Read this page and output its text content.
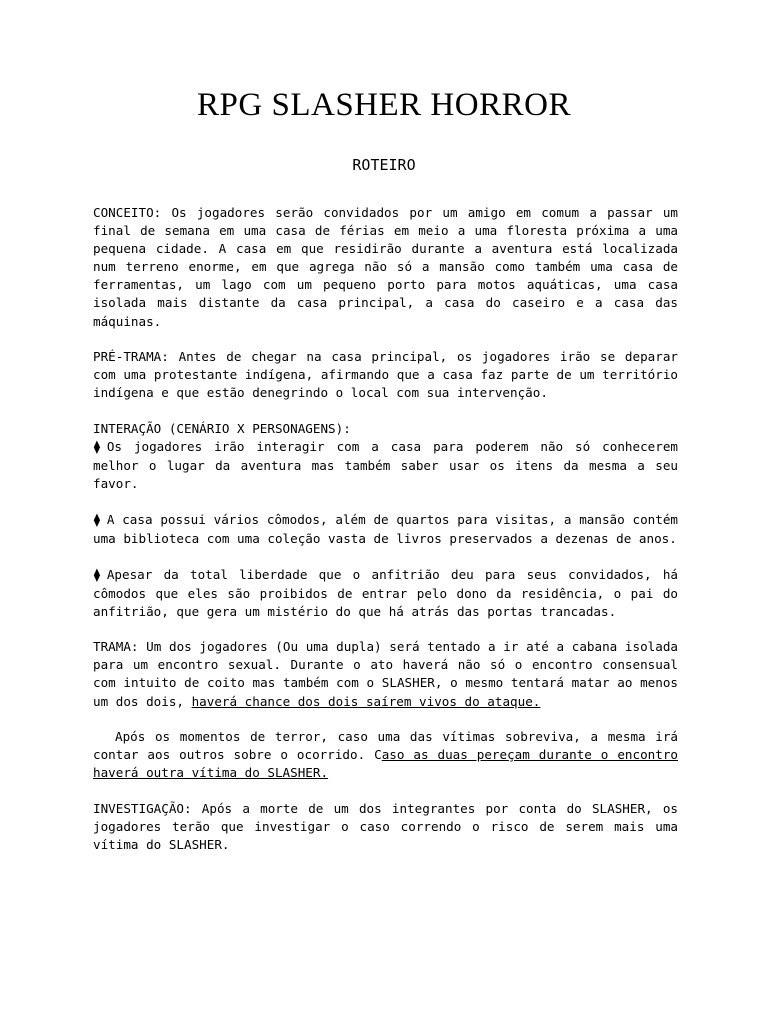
RPG SLASHER HORROR
ROTEIRO

CONCEITO: Os jogadores serão convidados por um amigo em comum a passar um final de semana em uma casa de férias em meio a uma floresta próxima a uma pequena cidade. A casa em que residirão durante a aventura está localizada num terreno enorme, em que agrega não só a mansão como também uma casa de ferramentas, um lago com um pequeno porto para motos aquáticas, uma casa isolada mais distante da casa principal, a casa do caseiro e a casa das máquinas.

PRÉ-TRAMA: Antes de chegar na casa principal, os jogadores irão se deparar com uma protestante indígena, afirmando que a casa faz parte de um território indígena e que estão denegrindo o local com sua intervenção.

INTERAÇÃO (CENÁRIO X PERSONAGENS):

⧫ Os jogadores irão interagir com a casa para poderem não só conhecerem melhor o lugar da aventura mas também saber usar os itens da mesma a seu favor.

⧫ A casa possui vários cômodos, além de quartos para visitas, a mansão contém uma biblioteca com uma coleção vasta de livros preservados a dezenas de anos.

⧫ Apesar da total liberdade que o anfitrião deu para seus convidados, há cômodos que eles são proibidos de entrar pelo dono da residência, o pai do anfitrião, que gera um mistério do que há atrás das portas trancadas.

TRAMA: Um dos jogadores (Ou uma dupla) será tentado a ir até a cabana isolada para um encontro sexual. Durante o ato haverá não só o encontro consensual com intuito de coito mas também com o SLASHER, o mesmo tentará matar ao menos um dos dois, haverá chance dos dois saírem vivos do ataque.

Após os momentos de terror, caso uma das vítimas sobreviva, a mesma irá contar aos outros sobre o ocorrido. Caso as duas pereçam durante o encontro haverá outra vítima do SLASHER.

INVESTIGAÇÃO: Após a morte de um dos integrantes por conta do SLASHER, os jogadores terão que investigar o caso correndo o risco de serem mais uma vítima do SLASHER.
